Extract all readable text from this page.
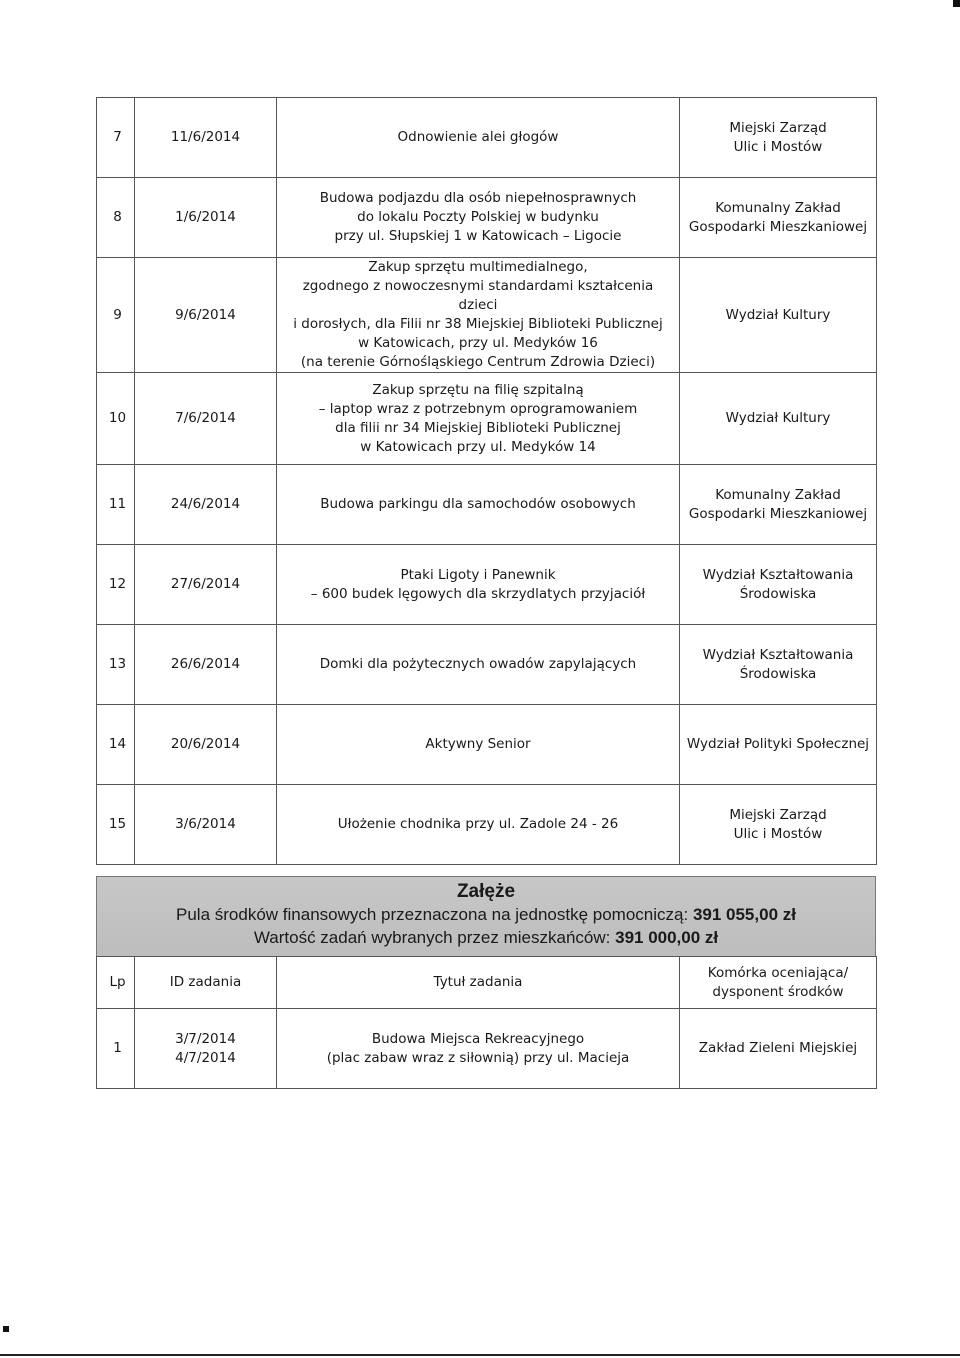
7	11/6/2014	Odnowienie alei głogów	Miejski Zarząd
Ulic i Mostów
8	1/6/2014	Budowa podjazdu dla osób niepełnosprawnych
do lokalu Poczty Polskiej w budynku
przy ul. Słupskiej 1 w Katowicach – Ligocie	Komunalny Zakład
Gospodarki Mieszkaniowej
9	9/6/2014	Zakup sprzętu multimedialnego,
zgodnego z nowoczesnymi standardami kształcenia dzieci
i dorosłych, dla Filii nr 38 Miejskiej Biblioteki Publicznej
w Katowicach, przy ul. Medyków 16
(na terenie Górnośląskiego Centrum Zdrowia Dzieci)	Wydział Kultury
10	7/6/2014	Zakup sprzętu na filię szpitalną
– laptop wraz z potrzebnym oprogramowaniem
dla filii nr 34 Miejskiej Biblioteki Publicznej
w Katowicach przy ul. Medyków 14	Wydział Kultury
11	24/6/2014	Budowa parkingu dla samochodów osobowych	Komunalny Zakład
Gospodarki Mieszkaniowej
12	27/6/2014	Ptaki Ligoty i Panewnik
– 600 budek lęgowych dla skrzydlatych przyjaciół	Wydział Kształtowania
Środowiska
13	26/6/2014	Domki dla pożytecznych owadów zapylających	Wydział Kształtowania
Środowiska
14	20/6/2014	Aktywny Senior	Wydział Polityki Społecznej
15	3/6/2014	Ułożenie chodnika przy ul. Zadole 24 - 26	Miejski Zarząd
Ulic i Mostów
Załęże
Pula środków finansowych przeznaczona na jednostkę pomocniczą: 391 055,00 zł
Wartość zadań wybranych przez mieszkańców: 391 000,00 zł
Lp	ID zadania	Tytuł zadania	Komórka oceniająca/
dysponent środków
1	3/7/2014
4/7/2014	Budowa Miejsca Rekreacyjnego
(plac zabaw wraz z siłownią) przy ul. Macieja	Zakład Zieleni Miejskiej
